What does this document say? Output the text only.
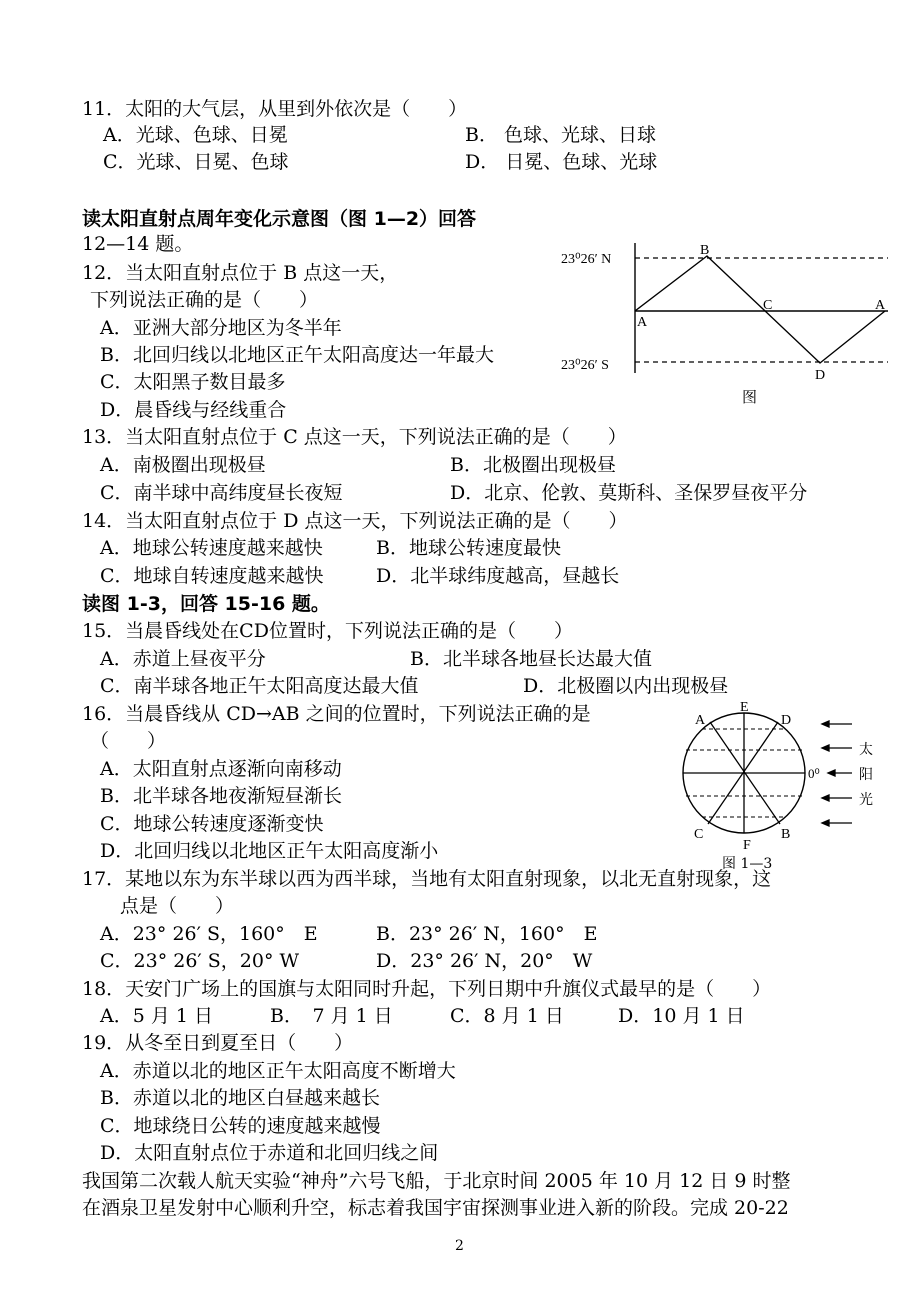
11．太阳的大气层，从里到外依次是（　　）
A．光球、色球、日冕	B． 色球、光球、日球
C．光球、日冕、色球	D． 日冕、色球、光球
读太阳直射点周年变化示意图（图 1—2）回答
12—14 题。
12．当太阳直射点位于 B 点这一天，
下列说法正确的是（　　）
A．亚洲大部分地区为冬半年
B．北回归线以北地区正午太阳高度达一年最大
C．太阳黑子数目最多
D．晨昏线与经线重合
13．当太阳直射点位于 C 点这一天，下列说法正确的是（　　）
A．南极圈出现极昼	B．北极圈出现极昼
C．南半球中高纬度昼长夜短	D．北京、伦敦、莫斯科、圣保罗昼夜平分
14．当太阳直射点位于 D 点这一天，下列说法正确的是（　　）
A．地球公转速度越来越快	B．地球公转速度最快
C．地球自转速度越来越快	D．北半球纬度越高，昼越长
读图 1-3，回答 15-16 题。
15．当晨昏线处在CD位置时，下列说法正确的是（　　）
A．赤道上昼夜平分	B．北半球各地昼长达最大值
C．南半球各地正午太阳高度达最大值	D．北极圈以内出现极昼
16．当晨昏线从 CD→AB 之间的位置时，下列说法正确的是
（　　）
A．太阳直射点逐渐向南移动
B．北半球各地夜渐短昼渐长
C．地球公转速度逐渐变快
D．北回归线以北地区正午太阳高度渐小
17．某地以东为东半球以西为西半球，当地有太阳直射现象，以北无直射现象，这
点是（　　）
A．23° 26′ S，160°　E	B．23° 26′ N，160°　E
C．23° 26′ S，20° W	D．23° 26′ N，20°　W
18．天安门广场上的国旗与太阳同时升起，下列日期中升旗仪式最早的是（　　）
A．5 月 1 日	B．　7 月 1 日	C．8 月 1 日	D．10 月 1 日
19．从冬至日到夏至日（　　）
A．赤道以北的地区正午太阳高度不断增大
B．赤道以北的地区白昼越来越长
C．地球绕日公转的速度越来越慢
D．太阳直射点位于赤道和北回归线之间
我国第二次载人航天实验“神舟”六号飞船，于北京时间 2005 年 10 月 12 日 9 时整
在酒泉卫星发射中心顺利升空，标志着我国宇宙探测事业进入新的阶段。完成 20-22
23⁰26′ N
23⁰26′ S
A
B
C	A
D
图
A
E
D
C
F
B
0⁰
太
阳
光
图 1—3
2
